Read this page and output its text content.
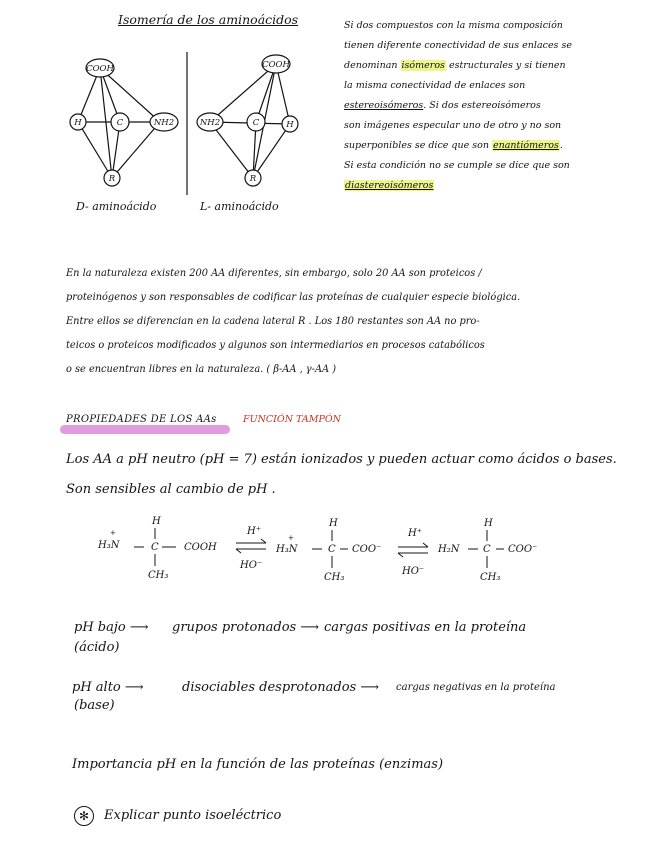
Isomería de los aminoácidos
COOH
H	C	NH2
R
COOH
NH2	C	H
R
D- aminoácido	L- aminoácido
Si dos compuestos con la misma composición
tienen diferente conectividad de sus enlaces se
denominan isómeros estructurales y si tienen
la misma conectividad de enlaces son
estereoisómeros. Si dos estereoisómeros
son imágenes especular uno de otro y no son
superponibles se dice que son enantiómeros.
Si esta condición no se cumple se dice que son
diastereoisómeros
En la naturaleza existen 200 AA diferentes, sin embargo, solo 20 AA son proteicos /
proteinógenos y son responsables de codificar las proteínas de cualquier especie biológica.
Entre ellos se diferencian en la cadena lateral R . Los 180 restantes son AA no pro-
teicos o proteicos modificados y algunos son intermediarios en procesos catabólicos
o se encuentran libres en la naturaleza. ( β-AA , γ-AA )
PROPIEDADES DE LOS AAs	FUNCIÓN TAMPÓN
Los AA a pH neutro (pH = 7) están ionizados y pueden actuar como ácidos o bases.
Son sensibles al cambio de pH .
+
H₃N
H
C	COOH
CH₃
H⁺
HO⁻
+
H₃N
H
C COO⁻
CH₃
H⁺
HO⁻
H₂N
H
C COO⁻
CH₃
pH bajo ⟶ grupos protonados ⟶ cargas positivas en la proteína
(ácido)
pH alto ⟶	disociables desprotonados ⟶ cargas negativas en la proteína
(base)
Importancia pH en la función de las proteínas (enzimas)
✻	Explicar punto isoeléctrico
